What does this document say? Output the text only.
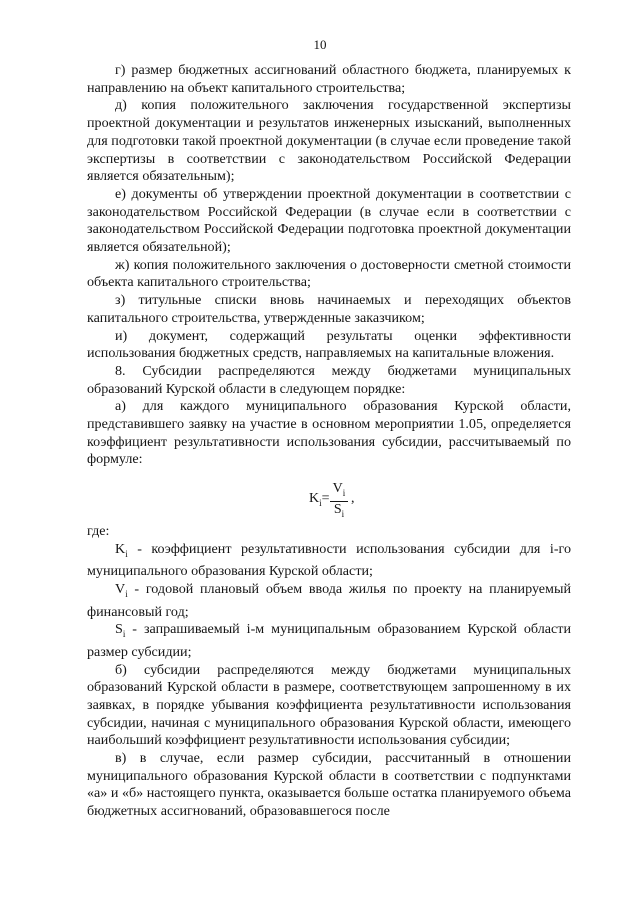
10

г) размер бюджетных ассигнований областного бюджета, планируемых к направлению на объект капитального строительства;

д) копия положительного заключения государственной экспертизы проектной документации и результатов инженерных изысканий, выполненных для подготовки такой проектной документации (в случае если проведение такой экспертизы в соответствии с законодательством Российской Федерации является обязательным);

е) документы об утверждении проектной документации в соответствии с законодательством Российской Федерации (в случае если в соответствии с законодательством Российской Федерации подготовка проектной документации является обязательной);

ж) копия положительного заключения о достоверности сметной стоимости объекта капитального строительства;

з) титульные списки вновь начинаемых и переходящих объектов капитального строительства, утвержденные заказчиком;

и) документ, содержащий результаты оценки эффективности использования бюджетных средств, направляемых на капитальные вложения.

8. Субсидии распределяются между бюджетами муниципальных образований Курской области в следующем порядке:

а) для каждого муниципального образования Курской области, представившего заявку на участие в основном мероприятии 1.05, определяется коэффициент результативности использования субсидии, рассчитываемый по формуле:

$K_i= \frac{V_i}{S_i}$ ,

где:

$K_i$ - коэффициент результативности использования субсидии для i-го муниципального образования Курской области;

$V_i$ - годовой плановый объем ввода жилья по проекту на планируемый финансовый год;

$S_i$ - запрашиваемый i-м муниципальным образованием Курской области размер субсидии;

б) субсидии распределяются между бюджетами муниципальных образований Курской области в размере, соответствующем запрошенному в их заявках, в порядке убывания коэффициента результативности использования субсидии, начиная с муниципального образования Курской области, имеющего наибольший коэффициент результативности использования субсидии;

в) в случае, если размер субсидии, рассчитанный в отношении муниципального образования Курской области в соответствии с подпунктами «а» и «б» настоящего пункта, оказывается больше остатка планируемого объема бюджетных ассигнований, образовавшегося после
